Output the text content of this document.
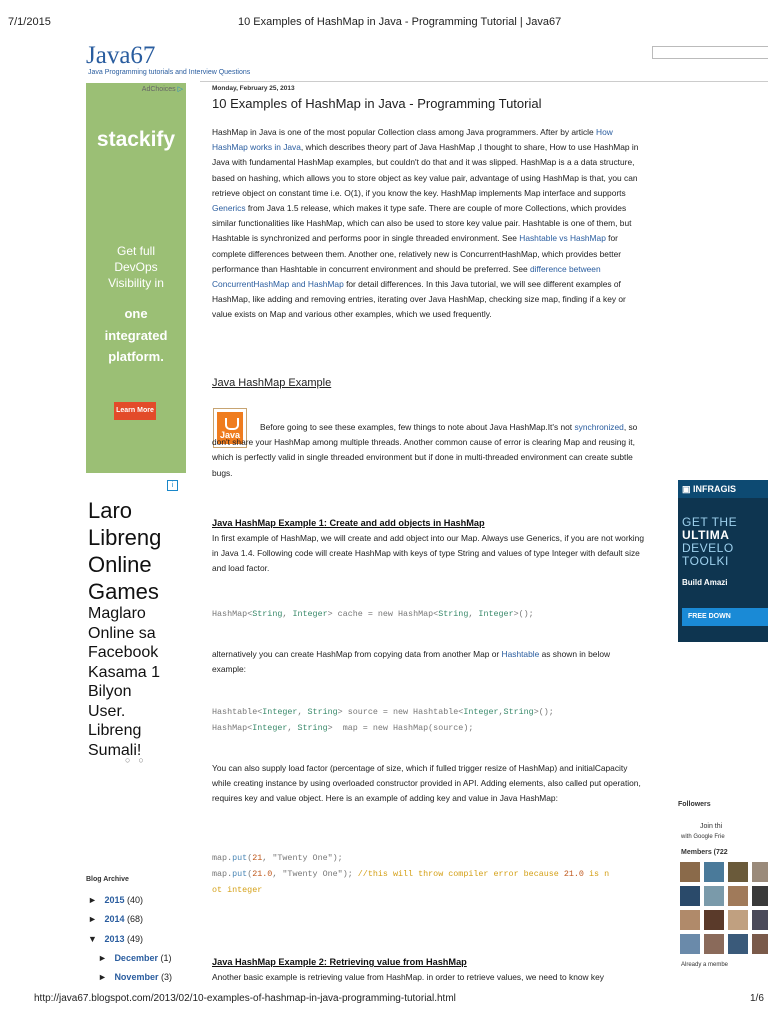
7/1/2015	10 Examples of HashMap in Java - Programming Tutorial | Java67
http://java67.blogspot.com/2013/02/10-examples-of-hashmap-in-java-programming-tutorial.html	1/6
Java67
Java Programming tutorials and Interview Questions
AdChoices ▷
stackify
Get full
DevOps
Visibility in
one
integrated
platform.
Learn More
i
Laro
Libreng
Online
Games
Maglaro
Online sa
Facebook
Kasama 1
Bilyon
User.
Libreng
Sumali!
○○
Blog Archive
► 2015 (40)
► 2014 (68)
▼ 2013 (49)
► December (1)
► November (3)
Monday, February 25, 2013
10 Examples of HashMap in Java - Programming Tutorial
HashMap in Java is one of the most popular Collection class among Java programmers. After by article How HashMap works in Java, which describes theory part of Java HashMap ,I thought to share, How to use HashMap in Java with fundamental HashMap examples, but couldn't do that and it was slipped. HashMap is a a data structure, based on hashing, which allows you to store object as key value pair, advantage of using HashMap is that, you can retrieve object on constant time i.e. O(1), if you know the key. HashMap implements Map interface and supports Generics from Java 1.5 release, which makes it type safe. There are couple of more Collections, which provides similar functionalities like HashMap, which can also be used to store key value pair. Hashtable is one of them, but Hashtable is synchronized and performs poor in single threaded environment. See Hashtable vs HashMap for complete differences between them. Another one, relatively new is ConcurrentHashMap, which provides better performance than Hashtable in concurrent environment and should be preferred. See difference between ConcurrentHashMap and HashMap for detail differences. In this Java tutorial, we will see different examples of HashMap, like adding and removing entries, iterating over Java HashMap, checking size map, finding if a key or value exists on Map and various other examples, which we used frequently.
Java HashMap Example
Java
Before going to see these examples, few things to note about Java HashMap.It's not synchronized, so don't share your HashMap among multiple threads. Another common cause of error is clearing Map and reusing it, which is perfectly valid in single threaded environment but if done in multi-threaded environment can create subtle bugs.
Java HashMap Example 1: Create and add objects in HashMap
In first example of HashMap, we will create and add object into our Map. Always use Generics, if you are not working in Java 1.4. Following code will create HashMap with keys of type String and values of type Integer with default size and load factor.
HashMap<String, Integer> cache = new HashMap<String, Integer>();
alternatively you can create HashMap from copying data from another Map or Hashtable as shown in below example:
Hashtable<Integer, String> source = new Hashtable<Integer,String>();
HashMap<Integer, String>  map = new HashMap(source);
You can also supply load factor (percentage of size, which if fulled trigger resize of HashMap) and initialCapacity while creating instance by using overloaded constructor provided in API. Adding elements, also called put operation, requires key and value object. Here is an example of adding key and value in Java HashMap:
map.put(21, "Twenty One");
map.put(21.0, "Twenty One"); //this will throw compiler error because 21.0 is n
ot integer
Java HashMap Example 2: Retrieving value from HashMap
Another basic example is retrieving value from HashMap. in order to retrieve values, we need to know key
▣ INFRAGIS
GET THE
ULTIMA
DEVELO
TOOLKI
Build Amazi
FREE DOWN
Followers
Join thi
with Google Frie
Members (722
Already a membe
